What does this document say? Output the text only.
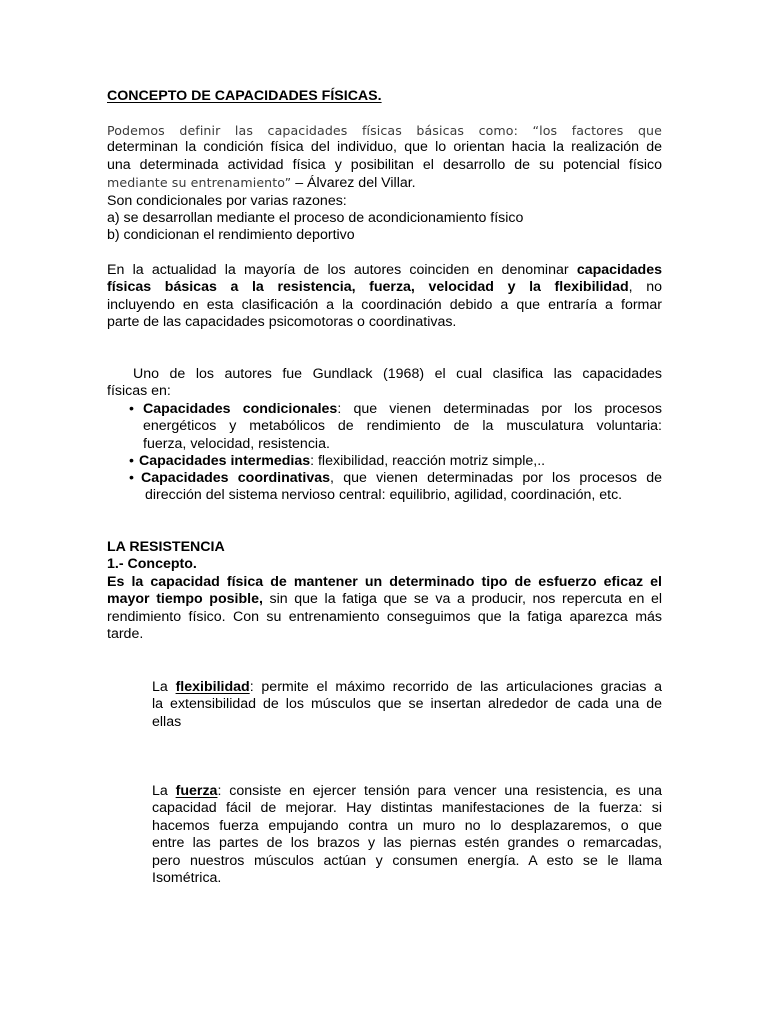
CONCEPTO DE CAPACIDADES FÍSICAS.
Podemos definir las capacidades físicas básicas como: “los factores que
determinan la condición física del individuo, que lo orientan hacia la realización de
una determinada actividad física y posibilitan el desarrollo de su potencial físico
mediante su entrenamiento” – Álvarez del Villar.
Son condicionales por varias razones:
a) se desarrollan mediante el proceso de acondicionamiento físico
b) condicionan el rendimiento deportivo
En la actualidad la mayoría de los autores coinciden en denominar capacidades
físicas básicas a la resistencia, fuerza, velocidad y la flexibilidad, no
incluyendo en esta clasificación a la coordinación debido a que entraría a formar
parte de las capacidades psicomotoras o coordinativas.
Uno de los autores fue Gundlack (1968) el cual clasifica las capacidades
físicas en:
• Capacidades condicionales: que vienen determinadas por los procesos
energéticos y metabólicos de rendimiento de la musculatura voluntaria:
fuerza, velocidad, resistencia.
• Capacidades intermedias: flexibilidad, reacción motriz simple,..
• Capacidades coordinativas, que vienen determinadas por los procesos de
dirección del sistema nervioso central: equilibrio, agilidad, coordinación, etc.
LA RESISTENCIA
1.- Concepto.
Es la capacidad física de mantener un determinado tipo de esfuerzo eficaz el
mayor tiempo posible, sin que la fatiga que se va a producir, nos repercuta en el
rendimiento físico. Con su entrenamiento conseguimos que la fatiga aparezca más
tarde.
La flexibilidad: permite el máximo recorrido de las articulaciones gracias a
la extensibilidad de los músculos que se insertan alrededor de cada una de
ellas
La fuerza: consiste en ejercer tensión para vencer una resistencia, es una
capacidad fácil de mejorar. Hay distintas manifestaciones de la fuerza: si
hacemos fuerza empujando contra un muro no lo desplazaremos, o que
entre las partes de los brazos y las piernas estén grandes o remarcadas,
pero nuestros músculos actúan y consumen energía. A esto se le llama
Isométrica.
